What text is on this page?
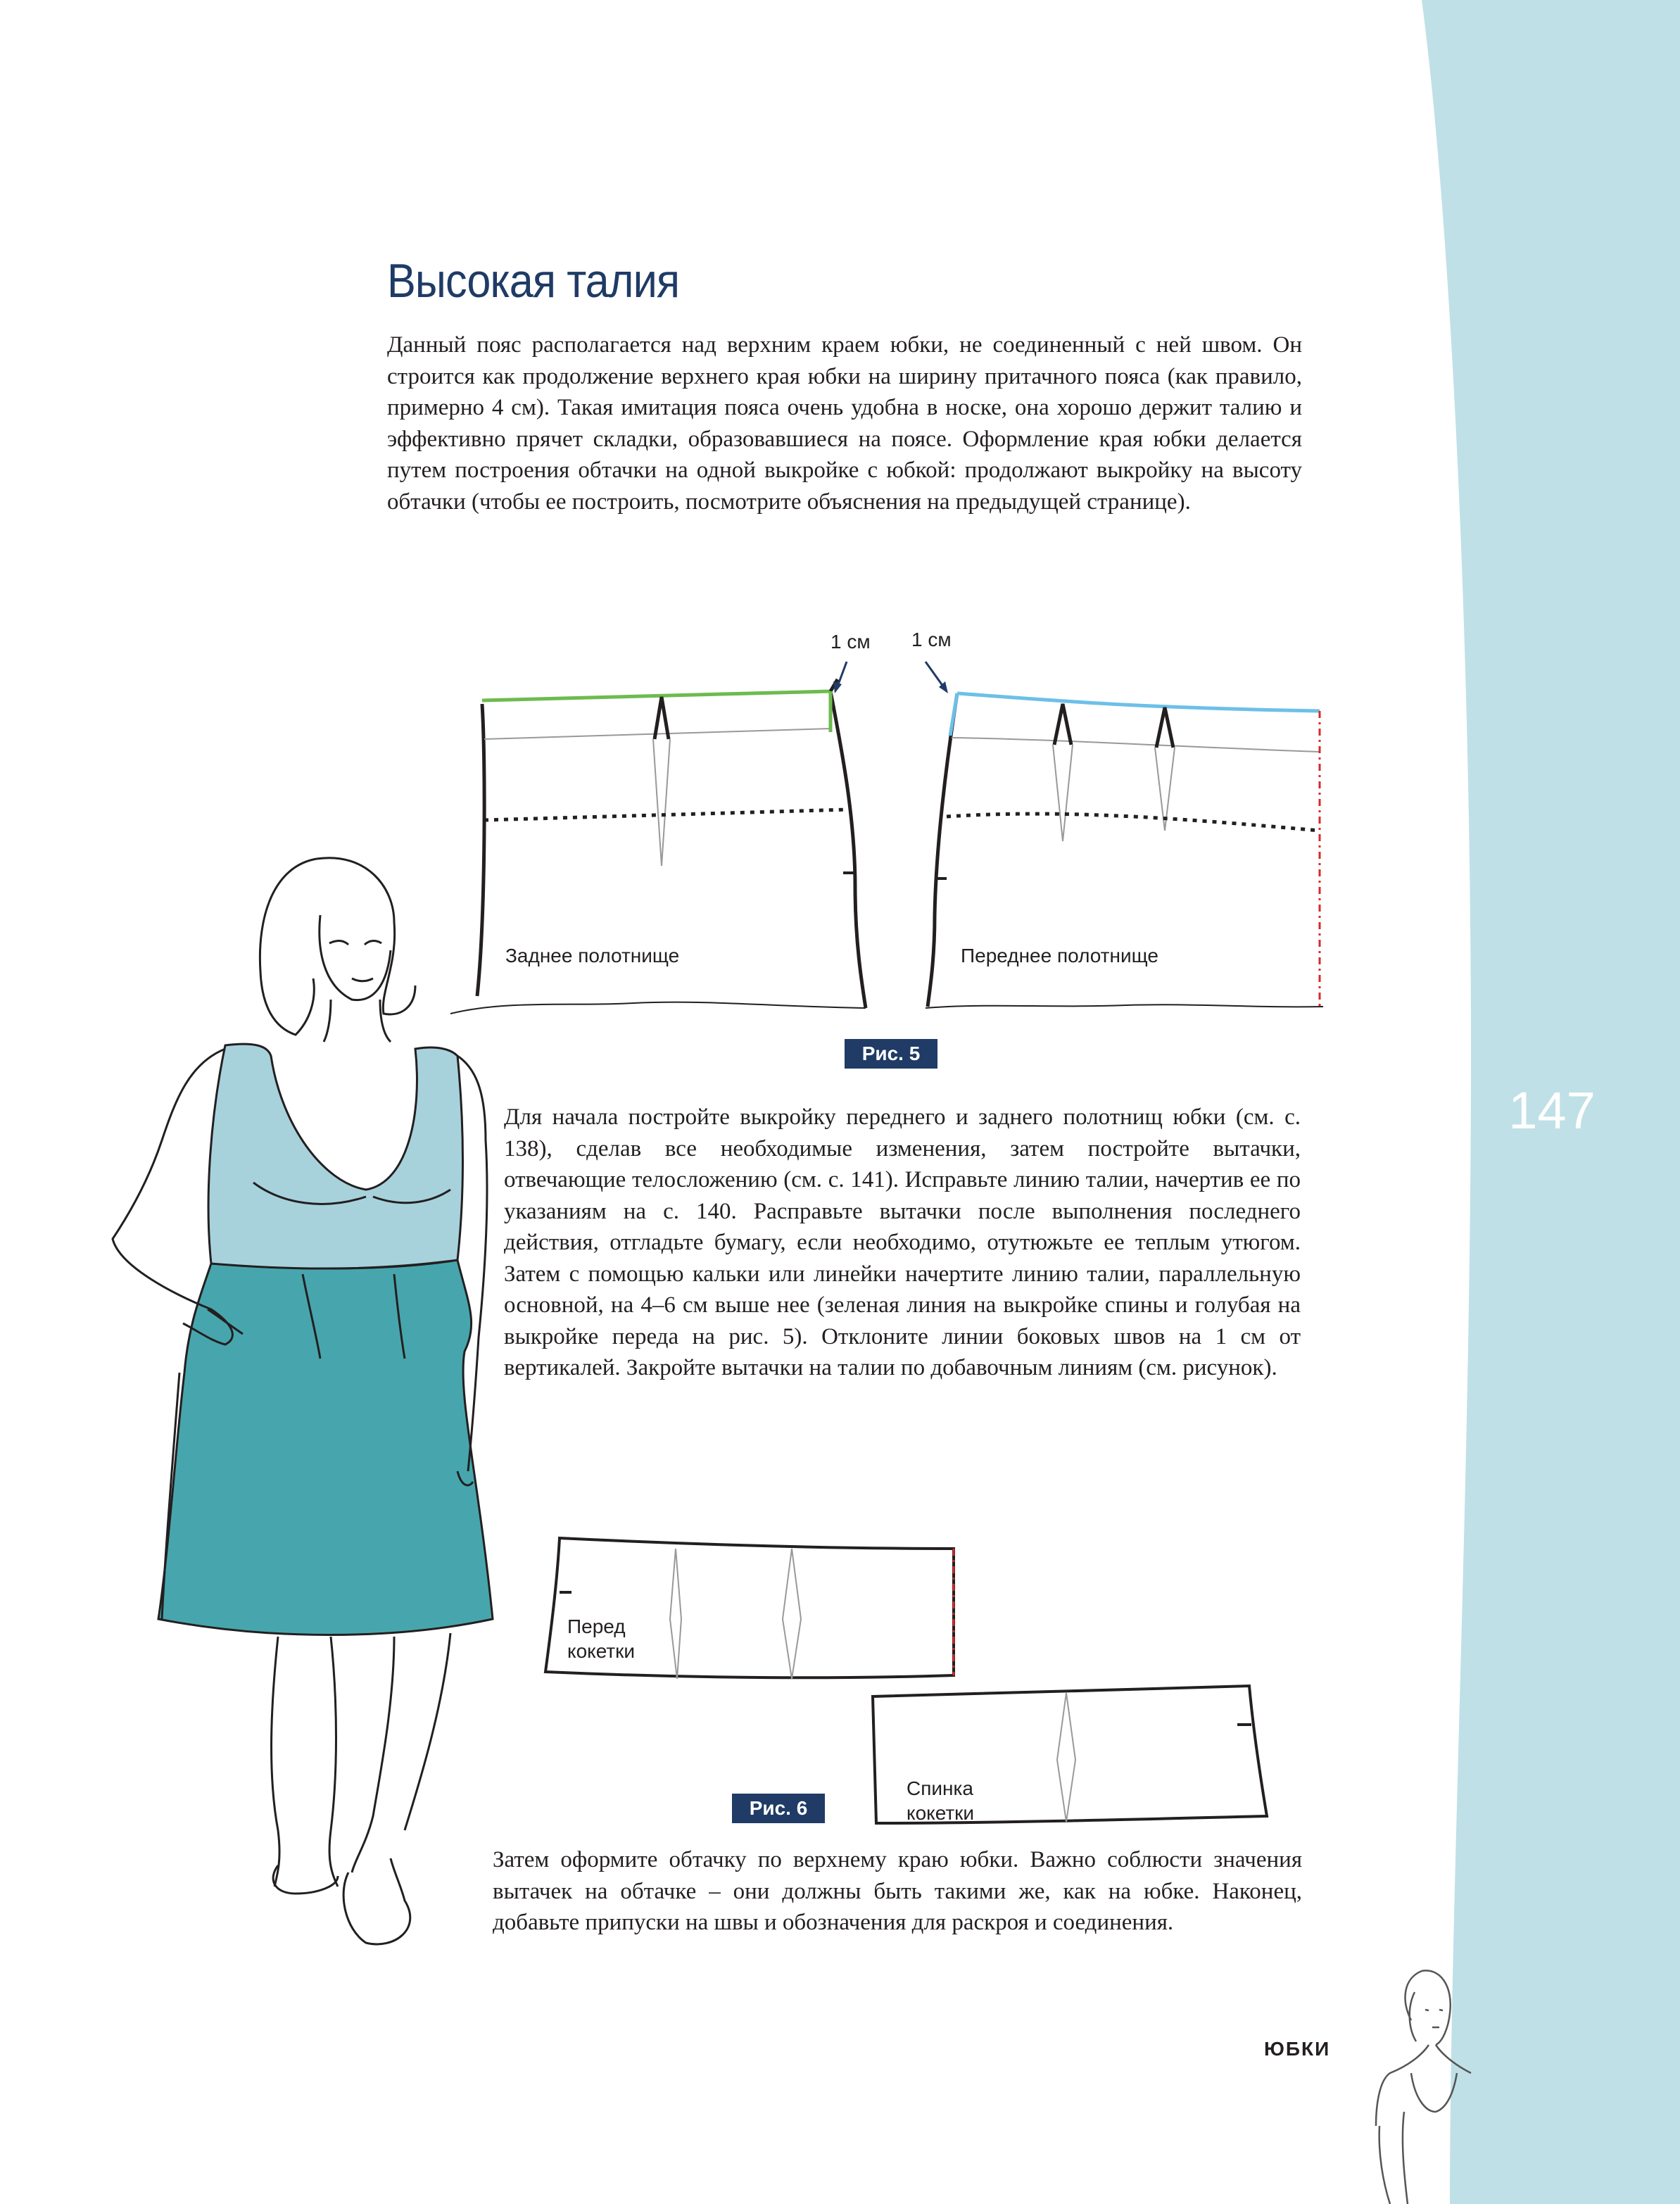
147
Высокая талия
Данный пояс располагается над верхним краем юбки, не соединенный с ней швом. Он строится как продолжение верхнего края юбки на ширину притачного пояса (как правило, примерно 4 см). Такая имитация пояса очень удобна в носке, она хорошо держит талию и эффективно прячет складки, образовавшиеся на поясе. Оформление края юбки делается путем построения обтачки на одной выкройке с юбкой: продолжают выкройку на высоту обтачки (чтобы ее построить, посмотрите объяснения на предыдущей странице).
1 см 1 см
Заднее полотнище	Переднее полотнище
Рис. 5
Для начала постройте выкройку переднего и заднего полотнищ юбки (см. с. 138), сделав все необходимые изменения, затем постройте вытачки, отвечающие телосложению (см. с. 141). Исправьте линию талии, начертив ее по указаниям на с. 140. Расправьте вытачки после выполнения последнего действия, отгладьте бумагу, если необходимо, отутюжьте ее теплым утюгом. Затем с помощью кальки или линейки начертите линию талии, параллельную основной, на 4–6 см выше нее (зеленая линия на выкройке спины и голубая на выкройке переда на рис. 5). Отклоните линии боковых швов на 1 см от вертикалей. Закройте вытачки на талии по добавочным линиям (см. рисунок).
Перед
кокетки
Спинка
кокетки
Рис. 6
Затем оформите обтачку по верхнему краю юбки. Важно соблюсти значения вытачек на обтачке – они должны быть такими же, как на юбке. Наконец, добавьте припуски на швы и обозначения для раскроя и соединения.
ЮБКИ
